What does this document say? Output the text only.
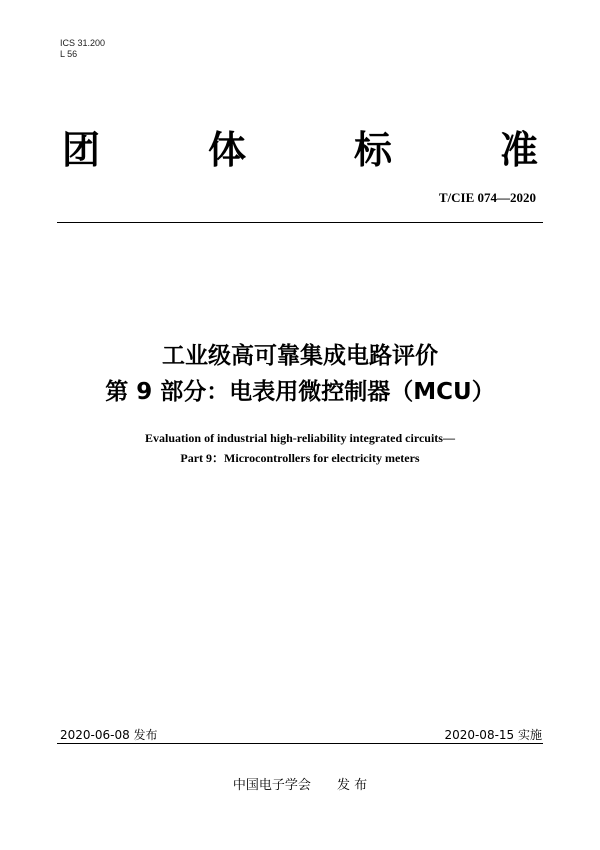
ICS 31.200
L 56
团	体	标	准
T/CIE 074—2020
工业级高可靠集成电路评价
第 9 部分：电表用微控制器（MCU）
Evaluation of industrial high-reliability integrated circuits—
Part 9：Microcontrollers for electricity meters
2020-06-08 发布	2020-08-15 实施
中国电子学会 发 布
